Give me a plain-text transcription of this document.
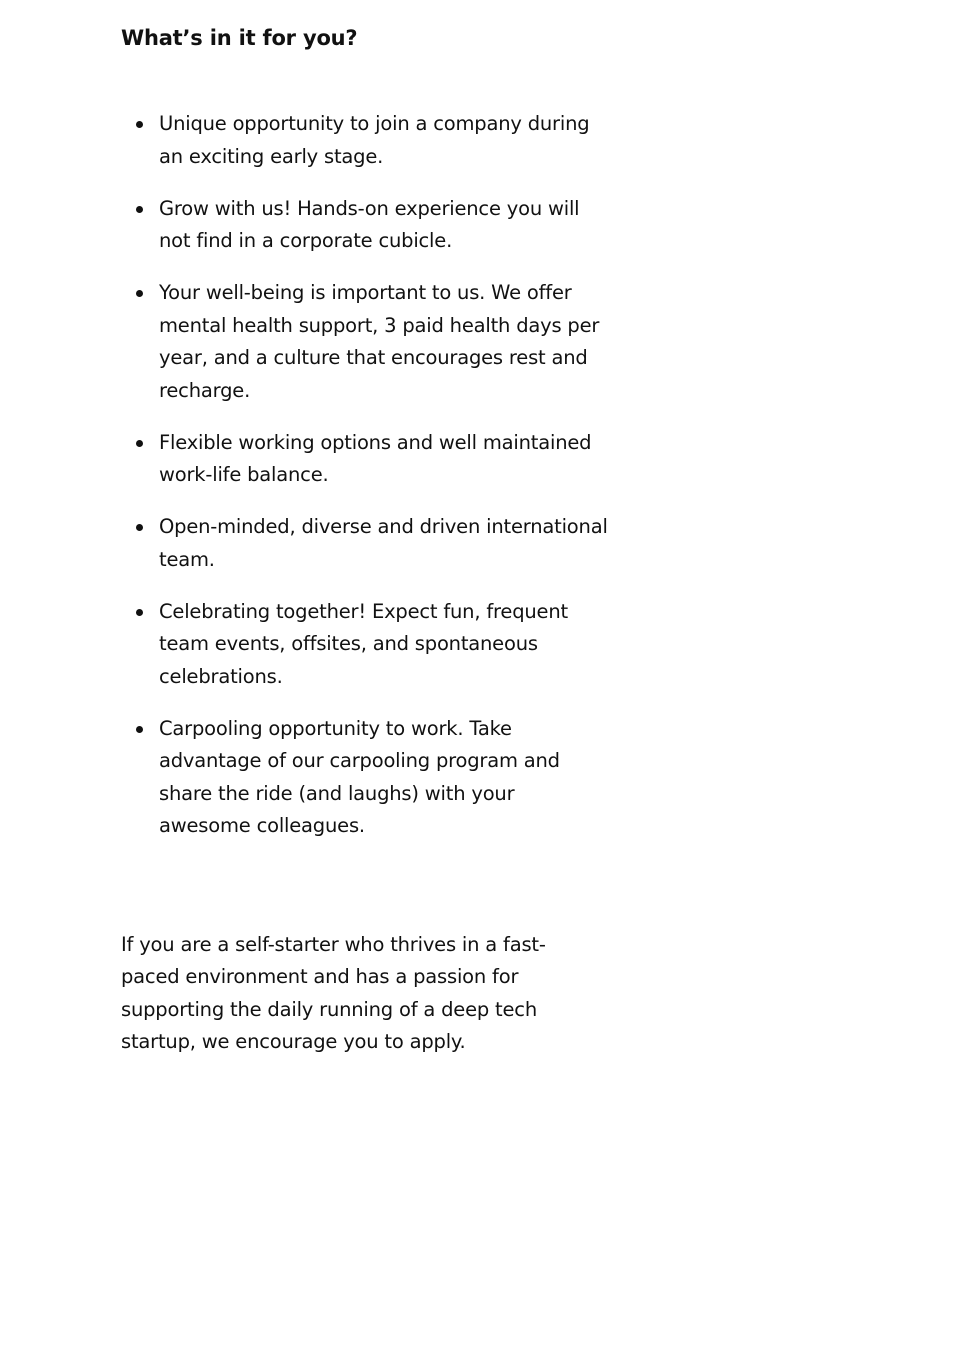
What’s in it for you?
Unique opportunity to join a company during an exciting early stage.
Grow with us! Hands-on experience you will not find in a corporate cubicle.
Your well-being is important to us. We offer mental health support, 3 paid health days per year, and a culture that encourages rest and recharge.
Flexible working options and well maintained work-life balance.
Open-minded, diverse and driven international team.
Celebrating together! Expect fun, frequent team events, offsites, and spontaneous celebrations.
Carpooling opportunity to work. Take advantage of our carpooling program and share the ride (and laughs) with your awesome colleagues.

If you are a self-starter who thrives in a fast-paced environment and has a passion for supporting the daily running of a deep tech startup, we encourage you to apply.
